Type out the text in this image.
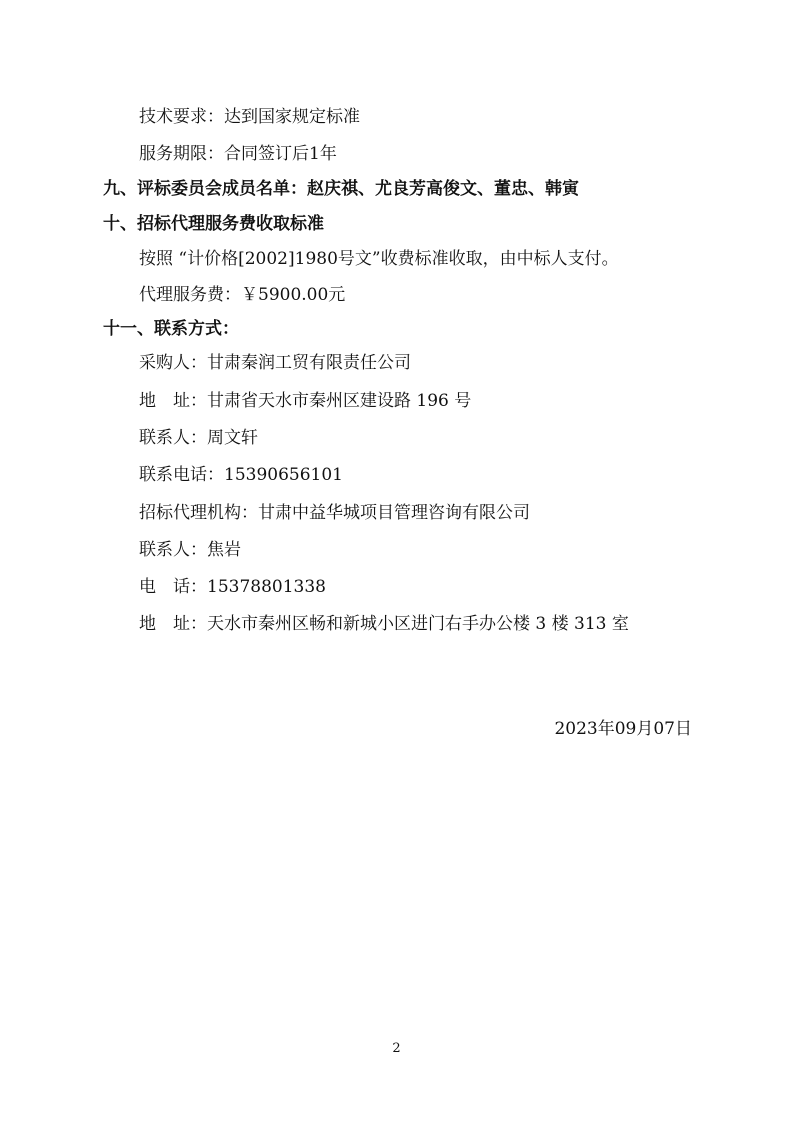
技术要求：达到国家规定标准

服务期限：合同签订后1年

九、评标委员会成员名单：赵庆祺、尤良芳高俊文、董忠、韩寅

十、招标代理服务费收取标准

按照 “计价格[2002]1980号文”收费标准收取，由中标人支付。

代理服务费：￥5900.00元

十一、联系方式：

采购人：甘肃秦润工贸有限责任公司

地　址：甘肃省天水市秦州区建设路 196 号

联系人：周文轩

联系电话：15390656101

招标代理机构：甘肃中益华城项目管理咨询有限公司

联系人：焦岩

电　话：15378801338

地　址：天水市秦州区畅和新城小区进门右手办公楼 3 楼 313 室

2023年09月07日

2
